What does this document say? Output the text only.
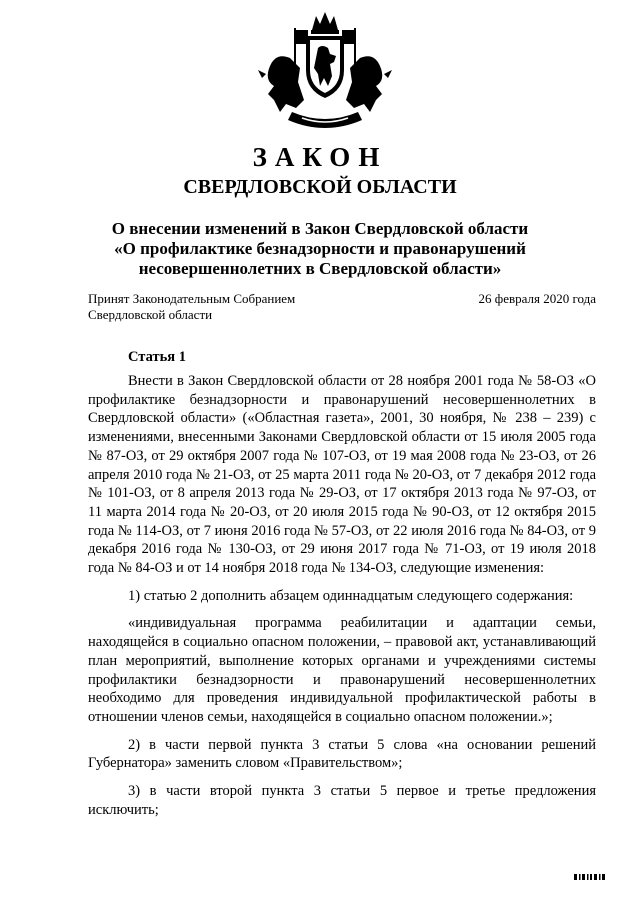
ЗАКОН
СВЕРДЛОВСКОЙ ОБЛАСТИ
О внесении изменений в Закон Свердловской области
«О профилактике безнадзорности и правонарушений
несовершеннолетних в Свердловской области»
Принят Законодательным Собранием
Свердловской области
26 февраля 2020 года
Статья 1

Внести в Закон Свердловской области от 28 ноября 2001 года № 58-ОЗ «О профилактике безнадзорности и правонарушений несовершеннолетних в Свердловской области» («Областная газета», 2001, 30 ноября, № 238 – 239) с изменениями, внесенными Законами Свердловской области от 15 июля 2005 года № 87-ОЗ, от 29 октября 2007 года № 107-ОЗ, от 19 мая 2008 года № 23-ОЗ, от 26 апреля 2010 года № 21-ОЗ, от 25 марта 2011 года № 20-ОЗ, от 7 декабря 2012 года № 101-ОЗ, от 8 апреля 2013 года № 29-ОЗ, от 17 октября 2013 года № 97-ОЗ, от 11 марта 2014 года № 20-ОЗ, от 20 июля 2015 года № 90-ОЗ, от 12 октября 2015 года № 114-ОЗ, от 7 июня 2016 года № 57-ОЗ, от 22 июля 2016 года № 84-ОЗ, от 9 декабря 2016 года № 130-ОЗ, от 29 июня 2017 года № 71-ОЗ, от 19 июля 2018 года № 84-ОЗ и от 14 ноября 2018 года № 134-ОЗ, следующие изменения:

1) статью 2 дополнить абзацем одиннадцатым следующего содержания:

«индивидуальная программа реабилитации и адаптации семьи, находящейся в социально опасном положении, – правовой акт, устанавливающий план мероприятий, выполнение которых органами и учреждениями системы профилактики безнадзорности и правонарушений несовершеннолетних необходимо для проведения индивидуальной профилактической работы в отношении членов семьи, находящейся в социально опасном положении.»;

2) в части первой пункта 3 статьи 5 слова «на основании решений Губернатора» заменить словом «Правительством»;

3) в части второй пункта 3 статьи 5 первое и третье предложения исключить;
